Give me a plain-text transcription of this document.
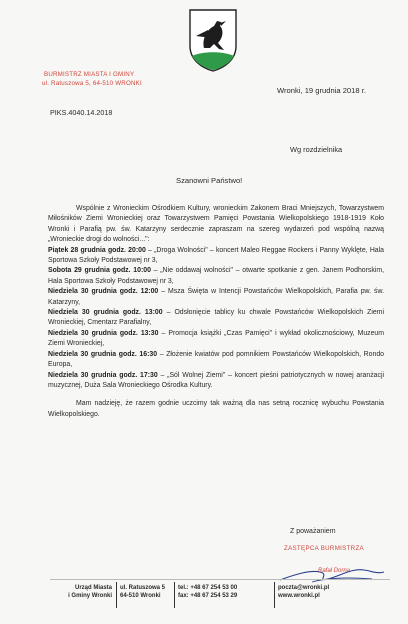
BURMISTRZ MIASTA I GMINY
ul. Ratuszowa 5, 64-510 WRONKI
Wronki, 19 grudnia 2018 r.
PIKS.4040.14.2018
Wg rozdzielnika
Szanowni Państwo!

Wspólnie z Wronieckim Ośrodkiem Kultury, wronieckim Zakonem Braci Mniejszych, Towarzystwem Miłośników Ziemi Wronieckiej oraz Towarzystwem Pamięci Powstania Wielkopolskiego 1918-1919 Koło Wronki i Parafią pw. św. Katarzyny serdecznie zapraszam na szereg wydarzeń pod wspólną nazwą „Wronieckie drogi do wolności...":

Piątek 28 grudnia godz. 20:00 – „Droga Wolności" – koncert Maleo Reggae Rockers i Panny Wyklęte, Hala Sportowa Szkoły Podstawowej nr 3,

Sobota 29 grudnia godz. 10:00 – „Nie oddawaj wolności" – otwarte spotkanie z gen. Janem Podhorskim, Hala Sportowa Szkoły Podstawowej nr 3,

Niedziela 30 grudnia godz. 12:00 – Msza Święta w Intencji Powstańców Wielkopolskich, Parafia pw. św. Katarzyny,

Niedziela 30 grudnia godz. 13:00 – Odsłonięcie tablicy ku chwale Powstańców Wielkopolskich Ziemi Wronieckiej, Cmentarz Parafialny,

Niedziela 30 grudnia godz. 13:30 – Promocja książki „Czas Pamięci" i wykład okolicznościowy, Muzeum Ziemi Wronieckiej,

Niedziela 30 grudnia godz. 16:30 – Złożenie kwiatów pod pomnikiem Powstańców Wielkopolskich, Rondo Europa,

Niedziela 30 grudnia godz. 17:30 – „Sól Wolnej Ziemi" – koncert pieśni patriotycznych w nowej aranżacji muzycznej, Duża Sala Wronieckiego Ośrodka Kultury.

Mam nadzieję, że razem godnie uczcimy tak ważną dla nas setną rocznicę wybuchu Powstania Wielkopolskiego.

Z poważaniem
ZASTĘPCA BURMISTRZA
Rafał Dorna
Urząd Miasta
i Gminy Wronki
ul. Ratuszowa 5
64-510 Wronki
tel.: +48 67 254 53 00
fax: +48 67 254 53 29
poczta@wronki.pl
www.wronki.pl
